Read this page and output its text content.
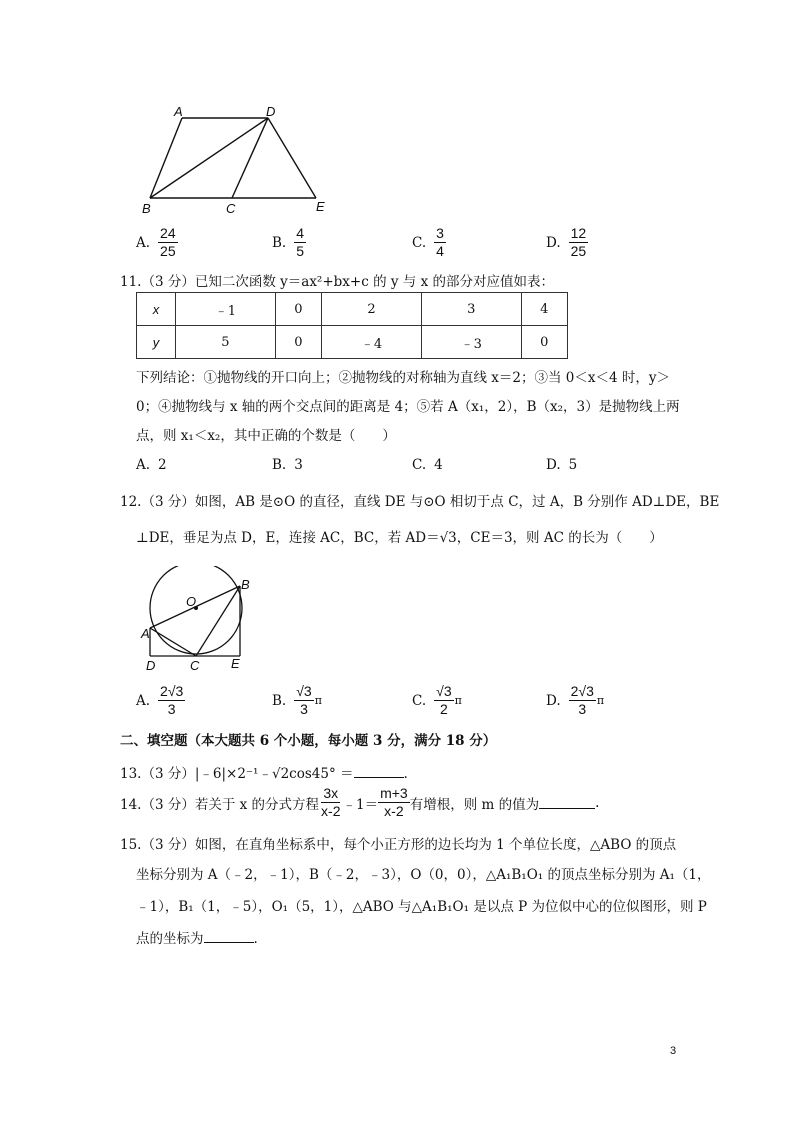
A	D
B	C	E
A. $\frac{24}{25}$	B. $\frac{4}{5}$	C. $\frac{3}{4}$	D. $\frac{12}{25}$
11.（3 分）已知二次函数 y＝ax²+bx+c 的 y 与 x 的部分对应值如表：
x	﹣1	0	2	3	4
y	5	0	﹣4	﹣3	0
下列结论：①抛物线的开口向上；②抛物线的对称轴为直线 x＝2；③当 0＜x＜4 时，y＞
0；④抛物线与 x 轴的两个交点间的距离是 4；⑤若 A（x₁，2），B（x₂，3）是抛物线上两
点，则 x₁＜x₂，其中正确的个数是（　　）
A. 2	B. 3	C. 4	D. 5
12.（3 分）如图，AB 是⊙O 的直径，直线 DE 与⊙O 相切于点 C，过 A，B 分别作 AD⊥DE，BE
⊥DE，垂足为点 D，E，连接 AC，BC，若 AD＝√3，CE＝3，则 AC 的长为（　　）
B
O
A
D	C E
A. $\frac{2√3}{3}$	B. $\frac{√3}{3}$ π	C. $\frac{√3}{2}$ π	D. $\frac{2√3}{3}$ π
二、填空题（本大题共 6 个小题，每小题 3 分，满分 18 分）
13.（3 分）|﹣6|×2⁻¹﹣√2cos45° ＝	.
14.（3 分）若关于 x 的分式方程 $\frac{3x}{x-2}$ ﹣1＝ $\frac{m+3}{x-2}$ 有增根，则 m 的值为	.
15.（3 分）如图，在直角坐标系中，每个小正方形的边长均为 1 个单位长度，△ABO 的顶点
坐标分别为 A（﹣2，﹣1），B（﹣2，﹣3），O（0，0），△A₁B₁O₁ 的顶点坐标分别为 A₁（1，
﹣1），B₁（1，﹣5），O₁（5，1），△ABO 与△A₁B₁O₁ 是以点 P 为位似中心的位似图形，则 P
点的坐标为	.
3
